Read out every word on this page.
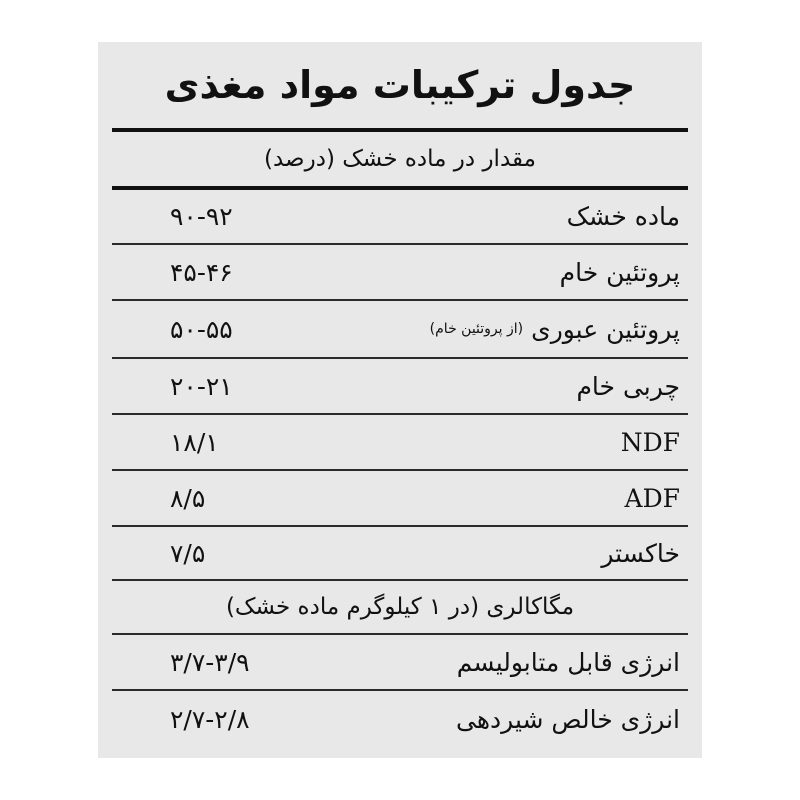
جدول ترکیبات مواد مغذی
مقدار در ماده خشک (درصد)
ماده خشک
۹۰-۹۲
پروتئین خام
۴۵-۴۶
پروتئین عبوری
(از پروتئین خام)
۵۰-۵۵
چربی خام
۲۰-۲۱
NDF
۱۸/۱
ADF
۸/۵
خاکستر
۷/۵
مگاکالری (در ۱ کیلوگرم ماده خشک)
انرژی قابل متابولیسم
۳/۷-۳/۹
انرژی خالص شیردهی
۲/۷-۲/۸
